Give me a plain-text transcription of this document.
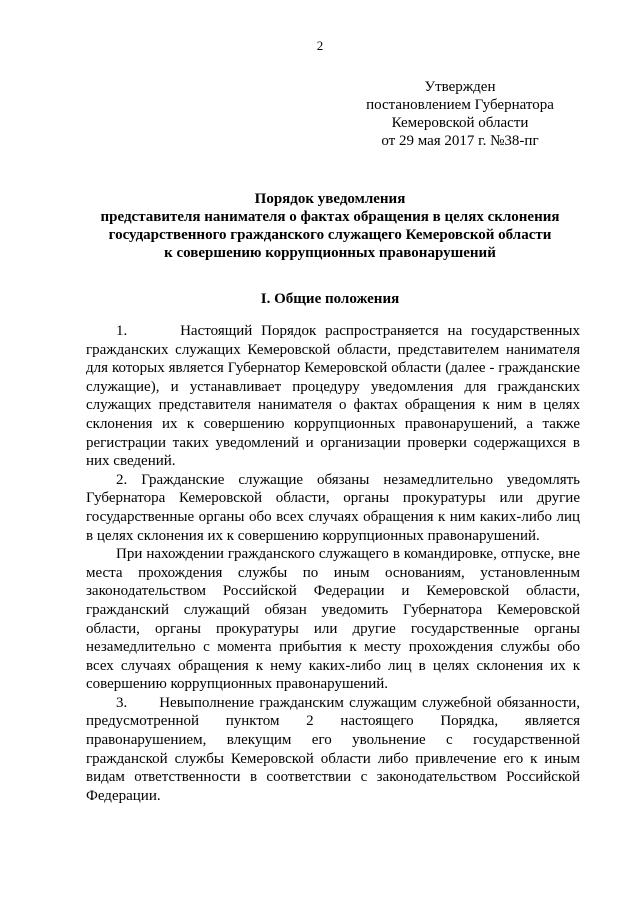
2
Утвержден
постановлением Губернатора
Кемеровской области
от 29 мая 2017 г. №38-пг
Порядок уведомления
представителя нанимателя о фактах обращения в целях склонения
государственного гражданского служащего Кемеровской области
к совершению коррупционных правонарушений
I. Общие положения

1.      Настоящий Порядок распространяется на государственных гражданских служащих Кемеровской области, представителем нанимателя для которых является Губернатор Кемеровской области (далее - гражданские служащие), и устанавливает процедуру уведомления для гражданских служащих представителя нанимателя о фактах обращения к ним в целях склонения их к совершению коррупционных правонарушений, а также регистрации таких уведомлений и организации проверки содержащихся в них сведений.

2. Гражданские служащие обязаны незамедлительно уведомлять Губернатора Кемеровской области, органы прокуратуры или другие государственные органы обо всех случаях обращения к ним каких-либо лиц в целях склонения их к совершению коррупционных правонарушений.

При нахождении гражданского служащего в командировке, отпуске, вне места прохождения службы по иным основаниям, установленным законодательством Российской Федерации и Кемеровской области, гражданский служащий обязан уведомить Губернатора Кемеровской области, органы прокуратуры или другие государственные органы незамедлительно с момента прибытия к месту прохождения службы обо всех случаях обращения к нему каких-либо лиц в целях склонения их к совершению коррупционных правонарушений.

3.      Невыполнение гражданским служащим служебной обязанности, предусмотренной пунктом 2 настоящего Порядка, является правонарушением, влекущим его увольнение с государственной гражданской службы Кемеровской области либо привлечение его к иным видам ответственности в соответствии с законодательством Российской Федерации.
